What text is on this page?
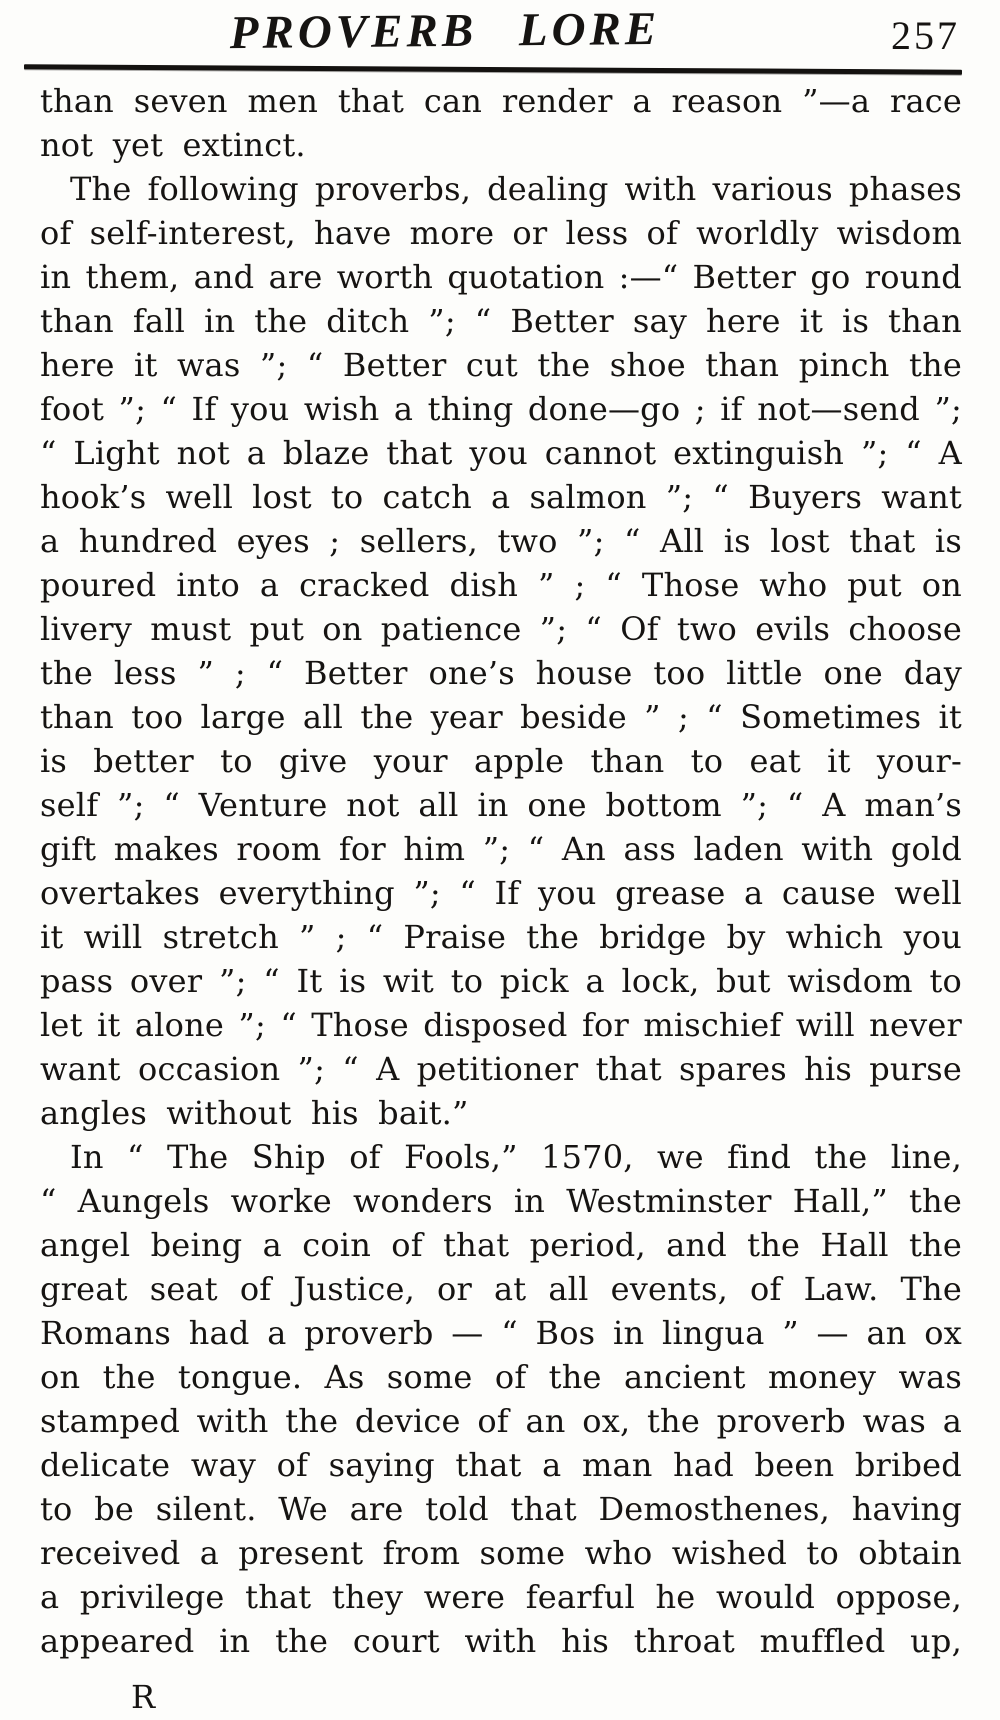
PROVERB LORE	257
than seven men that can render a reason ”—a race
not yet extinct.
The following proverbs, dealing with various phases
of self-interest, have more or less of worldly wisdom
in them, and are worth quotation :—“ Better go round
than fall in the ditch ”; “ Better say here it is than
here it was ”; “ Better cut the shoe than pinch the
foot ”; “ If you wish a thing done—go ; if not—send ”;
“ Light not a blaze that you cannot extinguish ”; “ A
hook’s well lost to catch a salmon ”; “ Buyers want
a hundred eyes ; sellers, two ”; “ All is lost that is
poured into a cracked dish ” ; “ Those who put on
livery must put on patience ”; “ Of two evils choose
the less ” ; “ Better one’s house too little one day
than too large all the year beside ” ; “ Sometimes it
is better to give your apple than to eat it your-
self ”; “ Venture not all in one bottom ”; “ A man’s
gift makes room for him ”; “ An ass laden with gold
overtakes everything ”; “ If you grease a cause well
it will stretch ” ; “ Praise the bridge by which you
pass over ”; “ It is wit to pick a lock, but wisdom to
let it alone ”; “ Those disposed for mischief will never
want occasion ”; “ A petitioner that spares his purse
angles without his bait.”
In “ The Ship of Fools,” 1570, we find the line,
“ Aungels worke wonders in Westminster Hall,” the
angel being a coin of that period, and the Hall the
great seat of Justice, or at all events, of Law. The
Romans had a proverb — “ Bos in lingua ” — an ox
on the tongue. As some of the ancient money was
stamped with the device of an ox, the proverb was a
delicate way of saying that a man had been bribed
to be silent. We are told that Demosthenes, having
received a present from some who wished to obtain
a privilege that they were fearful he would oppose,
appeared in the court with his throat muffled up,
R
